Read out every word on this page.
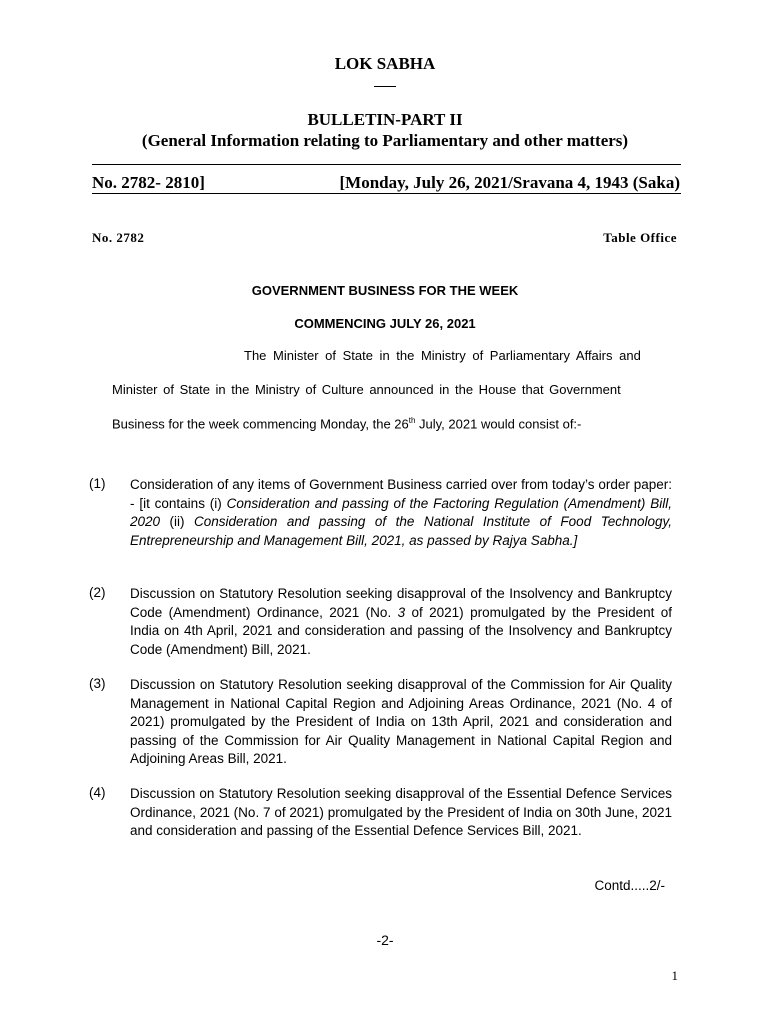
LOK SABHA
BULLETIN-PART II
(General Information relating to Parliamentary and other matters)
No. 2782- 2810]	[Monday, July 26, 2021/Sravana 4, 1943 (Saka)
No. 2782	Table Office
GOVERNMENT BUSINESS FOR THE WEEK
COMMENCING JULY 26, 2021
The Minister of State in the Ministry of Parliamentary Affairs and
Minister of State in the Ministry of Culture announced in the House that Government
Business for the week commencing Monday, the 26th July, 2021 would consist of:-
(1) Consideration of any items of Government Business carried over from today’s order paper: - [it contains (i) Consideration and passing of the Factoring Regulation (Amendment) Bill, 2020 (ii) Consideration and passing of the National Institute of Food Technology, Entrepreneurship and Management Bill, 2021, as passed by Rajya Sabha.]
(2) Discussion on Statutory Resolution seeking disapproval of the Insolvency and Bankruptcy Code (Amendment) Ordinance, 2021 (No. 3 of 2021) promulgated by the President of India on 4th April, 2021 and consideration and passing of the Insolvency and Bankruptcy Code (Amendment) Bill, 2021.
(3) Discussion on Statutory Resolution seeking disapproval of the Commission for Air Quality Management in National Capital Region and Adjoining Areas Ordinance, 2021 (No. 4 of 2021) promulgated by the President of India on 13th April, 2021 and consideration and passing of the Commission for Air Quality Management in National Capital Region and Adjoining Areas Bill, 2021.
(4) Discussion on Statutory Resolution seeking disapproval of the Essential Defence Services Ordinance, 2021 (No. 7 of 2021) promulgated by the President of India on 30th June, 2021 and consideration and passing of the Essential Defence Services Bill, 2021.
Contd.....2/-
-2-
1
